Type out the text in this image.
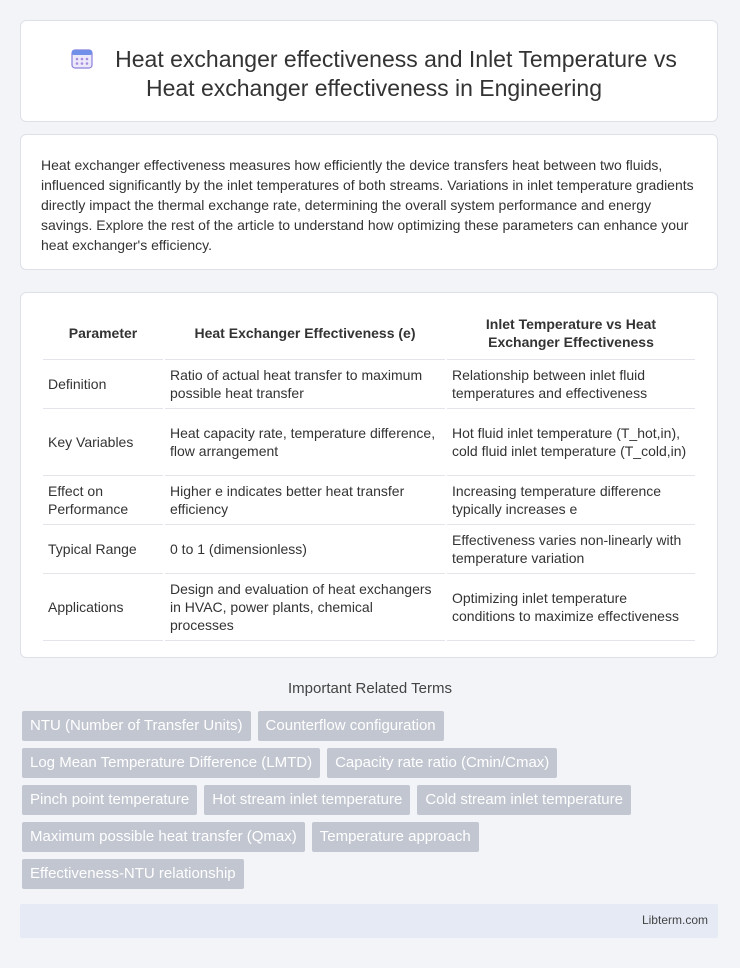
Heat exchanger effectiveness and Inlet Temperature vs Heat exchanger effectiveness in Engineering
Heat exchanger effectiveness measures how efficiently the device transfers heat between two fluids, influenced significantly by the inlet temperatures of both streams. Variations in inlet temperature gradients directly impact the thermal exchange rate, determining the overall system performance and energy savings. Explore the rest of the article to understand how optimizing these parameters can enhance your heat exchanger's efficiency.
Parameter	Heat Exchanger Effectiveness (e)	Inlet Temperature vs Heat Exchanger Effectiveness
Definition	Ratio of actual heat transfer to maximum possible heat transfer	Relationship between inlet fluid temperatures and effectiveness
Key Variables	Heat capacity rate, temperature difference, flow arrangement	Hot fluid inlet temperature (T_hot,in), cold fluid inlet temperature (T_cold,in)
Effect on Performance	Higher e indicates better heat transfer efficiency	Increasing temperature difference typically increases e
Typical Range	0 to 1 (dimensionless)	Effectiveness varies non-linearly with temperature variation
Applications	Design and evaluation of heat exchangers in HVAC, power plants, chemical processes	Optimizing inlet temperature conditions to maximize effectiveness
Important Related Terms
NTU (Number of Transfer Units)	Counterflow configuration
Log Mean Temperature Difference (LMTD)	Capacity rate ratio (Cmin/Cmax)
Pinch point temperature	Hot stream inlet temperature	Cold stream inlet temperature
Maximum possible heat transfer (Qmax)	Temperature approach
Effectiveness-NTU relationship
Libterm.com
